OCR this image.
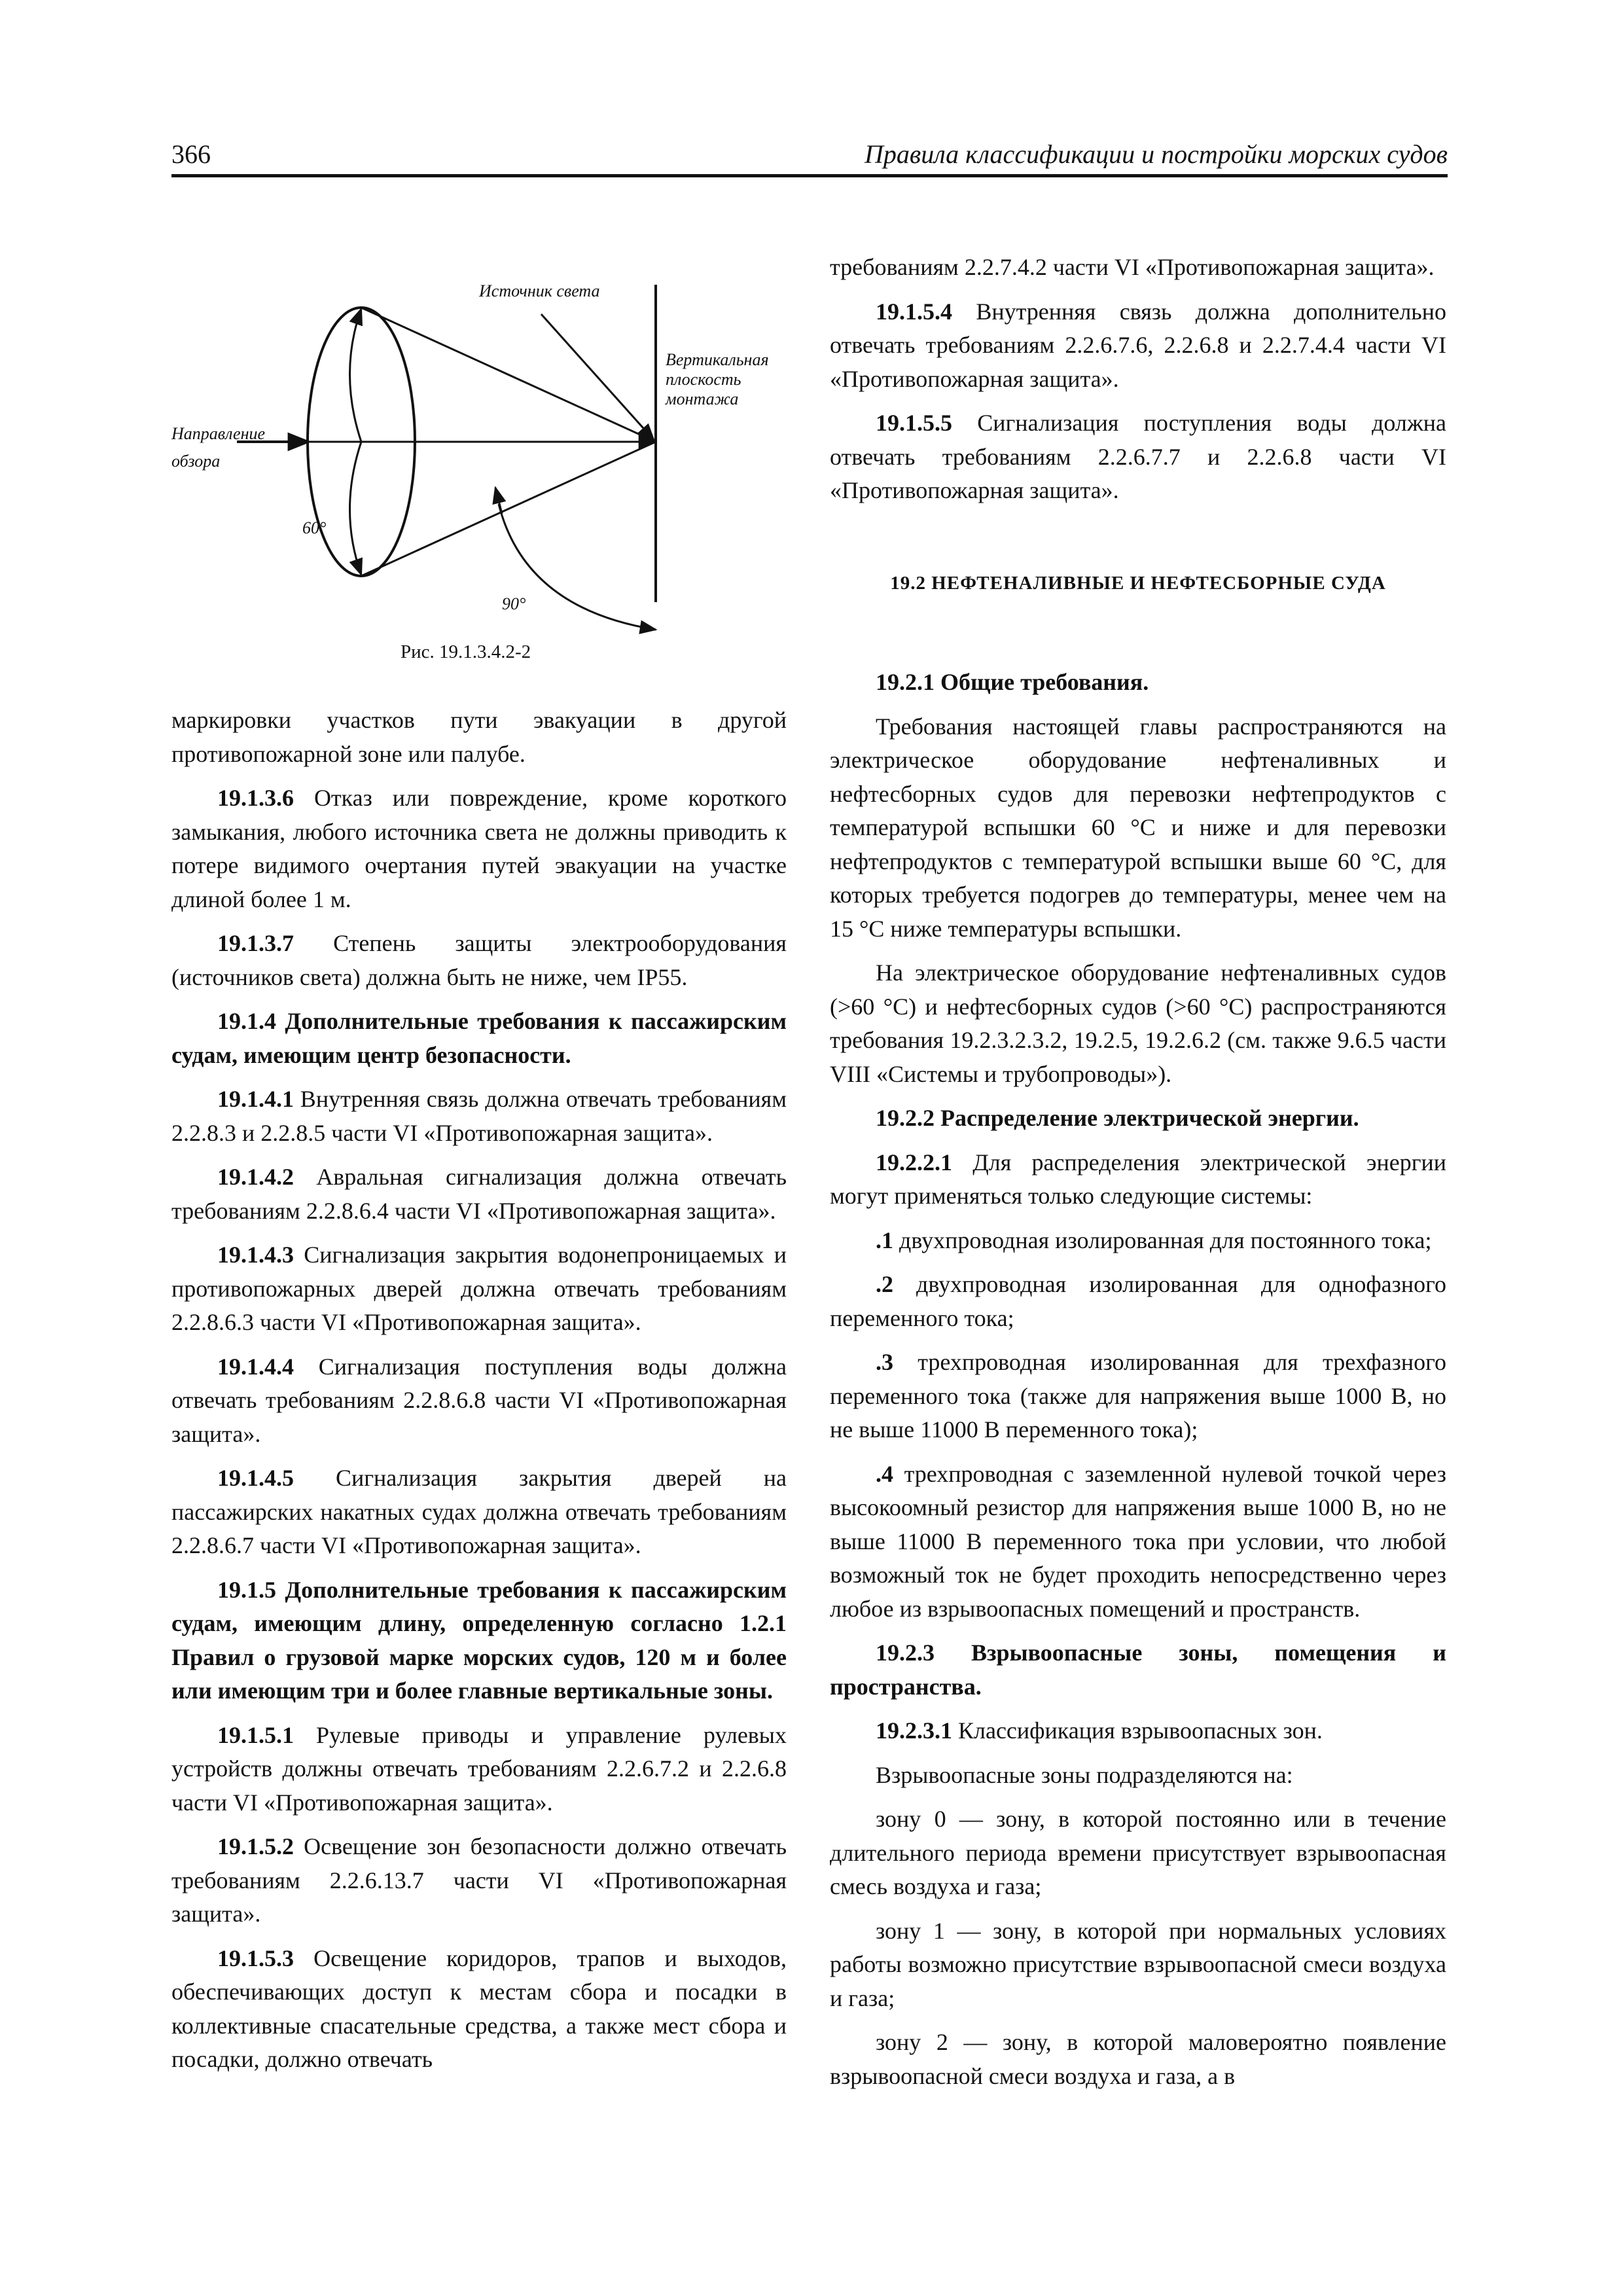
366	Правила классификации и постройки морских судов
Источник света
Вертикальная
плоскость
монтажа
Направление
обзора
60°
90°
Рис. 19.1.3.4.2-2

маркировки участков пути эвакуации в другой противопожарной зоне или палубе.

19.1.3.6 Отказ или повреждение, кроме короткого замыкания, любого источника света не должны приводить к потере видимого очертания путей эвакуации на участке длиной более 1 м.

19.1.3.7 Степень защиты электрооборудования (источников света) должна быть не ниже, чем IP55.

19.1.4 Дополнительные требования к пассажирским судам, имеющим центр безопасности.

19.1.4.1 Внутренняя связь должна отвечать требованиям 2.2.8.3 и 2.2.8.5 части VI «Противопожарная защита».

19.1.4.2 Авральная сигнализация должна отвечать требованиям 2.2.8.6.4 части VI «Противопожарная защита».

19.1.4.3 Сигнализация закрытия водонепроницаемых и противопожарных дверей должна отвечать требованиям 2.2.8.6.3 части VI «Противопожарная защита».

19.1.4.4 Сигнализация поступления воды должна отвечать требованиям 2.2.8.6.8 части VI «Противопожарная защита».

19.1.4.5 Сигнализация закрытия дверей на пассажирских накатных судах должна отвечать требованиям 2.2.8.6.7 части VI «Противопожарная защита».

19.1.5 Дополнительные требования к пассажирским судам, имеющим длину, определенную согласно 1.2.1 Правил о грузовой марке морских судов, 120 м и более или имеющим три и более главные вертикальные зоны.

19.1.5.1 Рулевые приводы и управление рулевых устройств должны отвечать требованиям 2.2.6.7.2 и 2.2.6.8 части VI «Противопожарная защита».

19.1.5.2 Освещение зон безопасности должно отвечать требованиям 2.2.6.13.7 части VI «Противопожарная защита».

19.1.5.3 Освещение коридоров, трапов и выходов, обеспечивающих доступ к местам сбора и посадки в коллективные спасательные средства, а также мест сбора и посадки, должно отвечать

требованиям 2.2.7.4.2 части VI «Противопожарная защита».

19.1.5.4 Внутренняя связь должна дополнительно отвечать требованиям 2.2.6.7.6, 2.2.6.8 и 2.2.7.4.4 части VI «Противопожарная защита».

19.1.5.5 Сигнализация поступления воды должна отвечать требованиям 2.2.6.7.7 и 2.2.6.8 части VI «Противопожарная защита».

19.2 НЕФТЕНАЛИВНЫЕ И НЕФТЕСБОРНЫЕ СУДА

19.2.1 Общие требования.

Требования настоящей главы распространяются на электрическое оборудование нефтеналивных и нефтесборных судов для перевозки нефтепродуктов с температурой вспышки 60 °С и ниже и для перевозки нефтепродуктов с температурой вспышки выше 60 °С, для которых требуется подогрев до температуры, менее чем на 15 °С ниже температуры вспышки.

На электрическое оборудование нефтеналивных судов (>60 °С) и нефтесборных судов (>60 °С) распространяются требования 19.2.3.2.3.2, 19.2.5, 19.2.6.2 (см. также 9.6.5 части VIII «Системы и трубопроводы»).

19.2.2 Распределение электрической энергии.

19.2.2.1 Для распределения электрической энергии могут применяться только следующие системы:

.1 двухпроводная изолированная для постоянного тока;

.2 двухпроводная изолированная для однофазного переменного тока;

.3 трехпроводная изолированная для трехфазного переменного тока (также для напряжения выше 1000 В, но не выше 11000 В переменного тока);

.4 трехпроводная с заземленной нулевой точкой через высокоомный резистор для напряжения выше 1000 В, но не выше 11000 В переменного тока при условии, что любой возможный ток не будет проходить непосредственно через любое из взрывоопасных помещений и пространств.

19.2.3 Взрывоопасные зоны, помещения и пространства.

19.2.3.1 Классификация взрывоопасных зон.

Взрывоопасные зоны подразделяются на:

зону 0 — зону, в которой постоянно или в течение длительного периода времени присутствует взрывоопасная смесь воздуха и газа;

зону 1 — зону, в которой при нормальных условиях работы возможно присутствие взрывоопасной смеси воздуха и газа;

зону 2 — зону, в которой маловероятно появление взрывоопасной смеси воздуха и газа, а в
